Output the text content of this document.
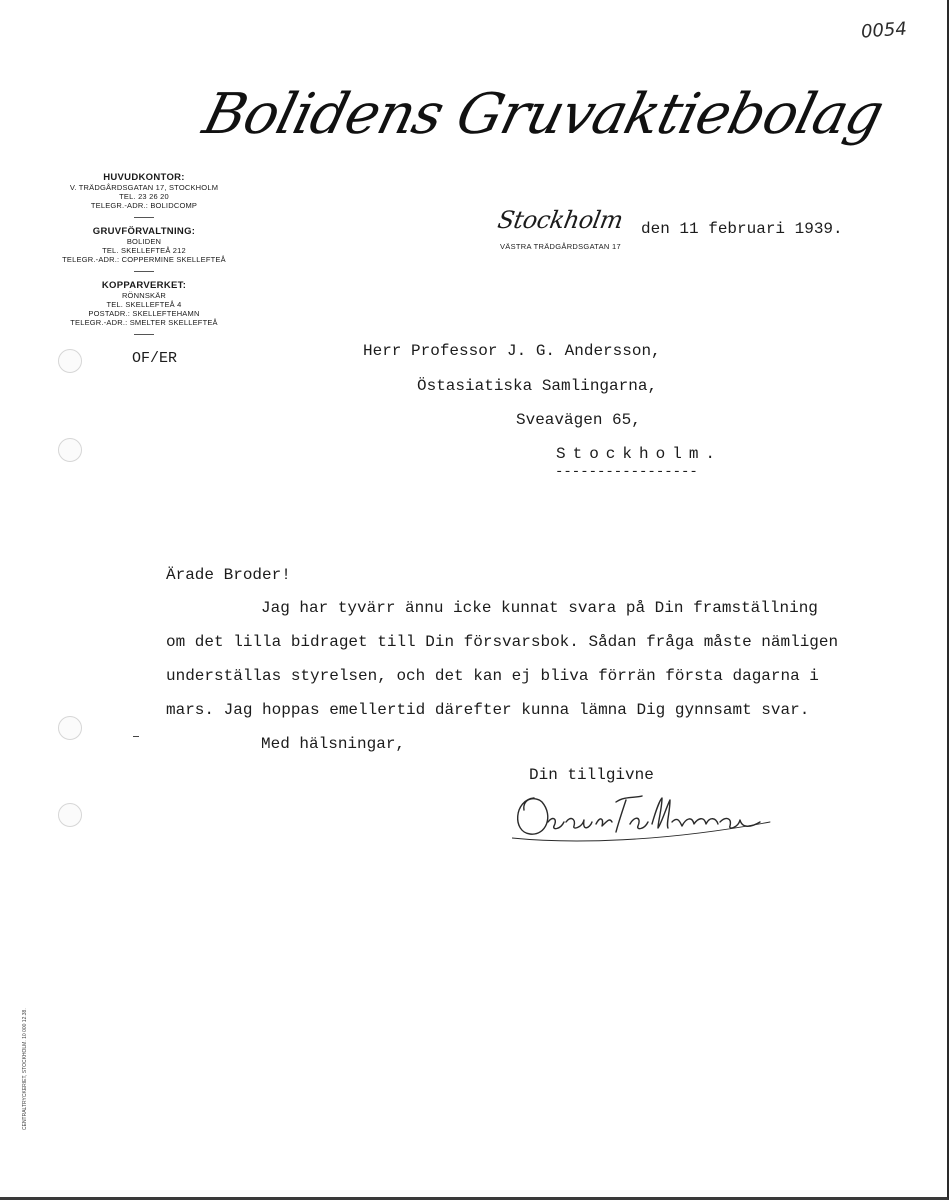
0054
Bolidens Gruvaktiebolag
HUVUDKONTOR:
V. TRÄDGÅRDSGATAN 17, STOCKHOLM
TEL. 23 26 20
TELEGR.-ADR.: BOLIDCOMP
GRUVFÖRVALTNING:
BOLIDEN
TEL. SKELLEFTEÅ 212
TELEGR.-ADR.: COPPERMINE SKELLEFTEÅ
KOPPARVERKET:
RÖNNSKÄR
TEL. SKELLEFTEÅ 4
POSTADR.: SKELLEFTEHAMN
TELEGR.-ADR.: SMELTER SKELLEFTEÅ
OF/ER
Stockholm
VÄSTRA TRÄDGÅRDSGATAN 17
den 11 februari 1939.
Herr Professor J. G. Andersson,
Östasiatiska Samlingarna,
Sveavägen 65,
Stockholm.
-----------------
Ärade Broder!
Jag har tyvärr ännu icke kunnat svara på Din framställning
om det lilla bidraget till Din försvarsbok. Sådan fråga måste nämligen
underställas styrelsen, och det kan ej bliva förrän första dagarna i
mars. Jag hoppas emellertid därefter kunna lämna Dig gynnsamt svar.
Med hälsningar,
Din tillgivne
CENTRALTRYCKERIET, STOCKHOLM. 10 000 12.38.
